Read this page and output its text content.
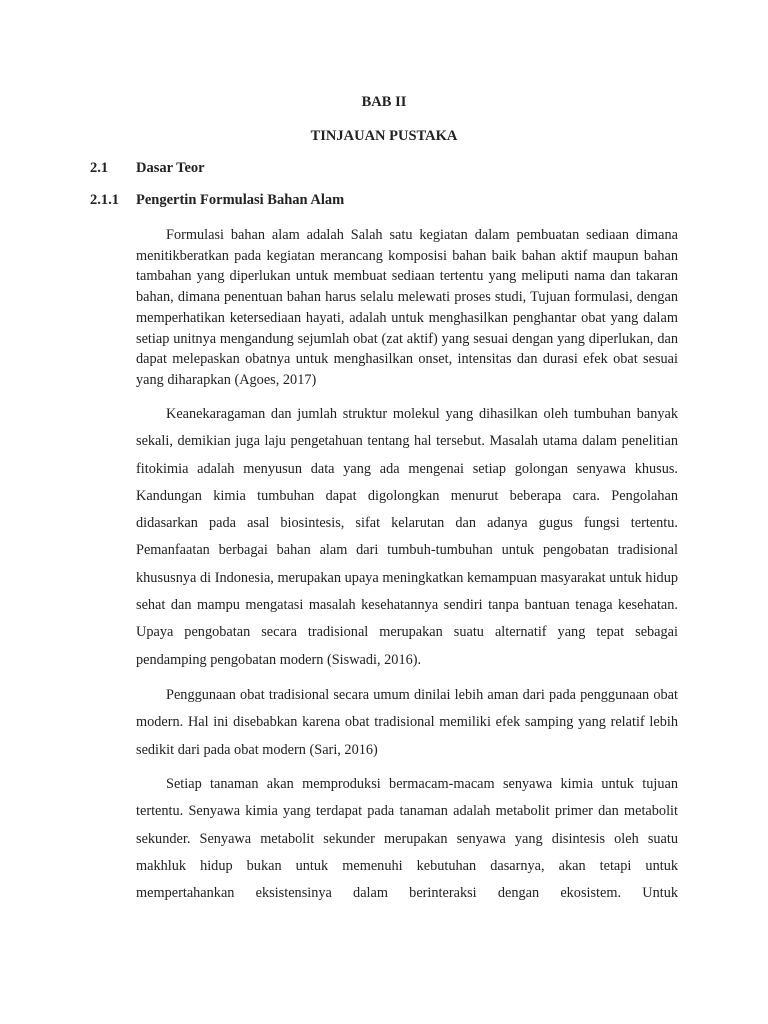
BAB II
TINJAUAN PUSTAKA
2.1 Dasar Teor
2.1.1 Pengertin Formulasi Bahan Alam

Formulasi bahan alam adalah Salah satu kegiatan dalam pembuatan sediaan dimana menitikberatkan pada kegiatan merancang komposisi bahan baik bahan aktif maupun bahan tambahan yang diperlukan untuk membuat sediaan tertentu yang meliputi nama dan takaran bahan, dimana penentuan bahan harus selalu melewati proses studi, Tujuan formulasi, dengan memperhatikan ketersediaan hayati, adalah untuk menghasilkan penghantar obat yang dalam setiap unitnya mengandung sejumlah obat (zat aktif) yang sesuai dengan yang diperlukan, dan dapat melepaskan obatnya untuk menghasilkan onset, intensitas dan durasi efek obat sesuai yang diharapkan (Agoes, 2017)

Keanekaragaman dan jumlah struktur molekul yang dihasilkan oleh tumbuhan banyak sekali, demikian juga laju pengetahuan tentang hal tersebut. Masalah utama dalam penelitian fitokimia adalah menyusun data yang ada mengenai setiap golongan senyawa khusus. Kandungan kimia tumbuhan dapat digolongkan menurut beberapa cara. Pengolahan didasarkan pada asal biosintesis, sifat kelarutan dan adanya gugus fungsi tertentu. Pemanfaatan berbagai bahan alam dari tumbuh-tumbuhan untuk pengobatan tradisional khususnya di Indonesia, merupakan upaya meningkatkan kemampuan masyarakat untuk hidup sehat dan mampu mengatasi masalah kesehatannya sendiri tanpa bantuan tenaga kesehatan. Upaya pengobatan secara tradisional merupakan suatu alternatif yang tepat sebagai pendamping pengobatan modern (Siswadi, 2016).

Penggunaan obat tradisional secara umum dinilai lebih aman dari pada penggunaan obat modern. Hal ini disebabkan karena obat tradisional memiliki efek samping yang relatif lebih sedikit dari pada obat modern (Sari, 2016)

Setiap tanaman akan memproduksi bermacam-macam senyawa kimia untuk tujuan tertentu. Senyawa kimia yang terdapat pada tanaman adalah metabolit primer dan metabolit sekunder. Senyawa metabolit sekunder merupakan senyawa yang disintesis oleh suatu makhluk hidup bukan untuk memenuhi kebutuhan dasarnya, akan tetapi untuk mempertahankan eksistensinya dalam berinteraksi dengan ekosistem. Untuk
